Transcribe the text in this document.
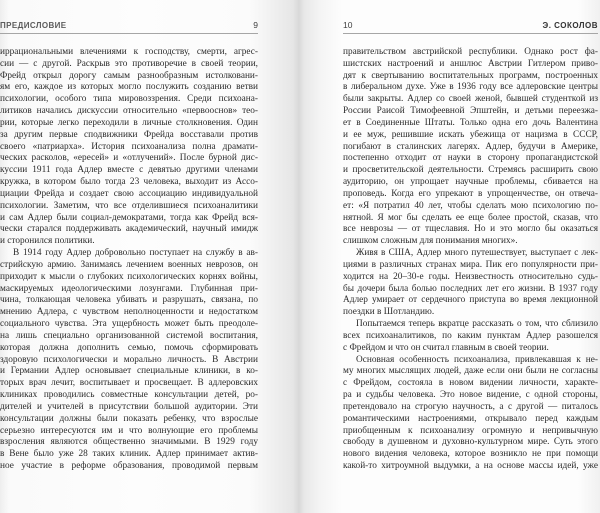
ПРЕДИСЛОВИЕ	9
иррациональными влечениями к господству, смерти, агрес-
сии — с другой. Раскрыв это противоречие в своей теории,
Фрейд открыл дорогу самым разнообразным истолковани-
ям его, каждое из которых могло послужить созданию ветви
психологии, особого типа мировоззрения. Среди психоана-
литиков начались дискуссии относительно «первооснов» тео-
рии, которые легко переходили в личные столкновения. Один
за другим первые сподвижники Фрейда восставали против
своего «патриарха». История психоанализа полна драмати-
ческих расколов, «ересей» и «отлучений». После бурной дис-
куссии 1911 года Адлер вместе с девятью другими членами
кружка, в котором было тогда 23 человека, выходит из Ассо-
циации Фрейда и создает свою ассоциацию индивидуальной
психологии. Заметим, что все отделившиеся психоаналитики
и сам Адлер были социал-демократами, тогда как Фрейд вся-
чески старался поддерживать академический, научный имидж
и сторонился политики.
В 1914 году Адлер добровольно поступает на службу в ав-
стрийскую армию. Занимаясь лечением военных неврозов, он
приходит к мысли о глубоких психологических корнях войны,
маскируемых идеологическими лозунгами. Глубинная при-
чина, толкающая человека убивать и разрушать, связана, по
мнению Адлера, с чувством неполноценности и недостатком
социального чувства. Эта ущербность может быть преодоле-
на лишь специально организованной системой воспитания,
которая должна дополнить семью, помочь сформировать
здоровую психологически и морально личность. В Австрии
и Германии Адлер основывает специальные клиники, в ко-
торых врач лечит, воспитывает и просвещает. В адлеровских
клиниках проводились совместные консультации детей, ро-
дителей и учителей в присутствии большой аудитории. Эти
консультации должны были показать ребенку, что взрослые
серьезно интересуются им и что волнующие его проблемы
взросления являются общественно значимыми. В 1929 году
в Вене было уже 28 таких клиник. Адлер принимает актив-
ное участие в реформе образования, проводимой первым
10	Э. СОКОЛОВ
правительством австрийской республики. Однако рост фа-
шистских настроений и аншлюс Австрии Гитлером приво-
дят к свертыванию воспитательных программ, построенных
в либеральном духе. Уже в 1936 году все адлеровские центры
были закрыты. Адлер со своей женой, бывшей студенткой из
России Раисой Тимофеевной Эпштейн, и детьми переезжа-
ет в Соединенные Штаты. Только одна его дочь Валентина
и ее муж, решившие искать убежища от нацизма в СССР,
погибают в сталинских лагерях. Адлер, будучи в Америке,
постепенно отходит от науки в сторону пропагандистской
и просветительской деятельности. Стремясь расширить свою
аудиторию, он упрощает научные проблемы, сбивается на
проповедь. Когда его упрекают в упрощенчестве, он отвеча-
ет: «Я потратил 40 лет, чтобы сделать мою психологию по-
нятной. Я мог бы сделать ее еще более простой, сказав, что
все неврозы — от тщеславия. Но и это могло бы оказаться
слишком сложным для понимания многих».
Живя в США, Адлер много путешествует, выступает с лек-
циями в различных странах мира. Пик его популярности при-
ходится на 20–30-е годы. Неизвестность относительно судь-
бы дочери была болью последних лет его жизни. В 1937 году
Адлер умирает от сердечного приступа во время лекционной
поездки в Шотландию.
Попытаемся теперь вкратце рассказать о том, что сблизило
всех психоаналитиков, по каким пунктам Адлер разошелся
с Фрейдом и что он считал главным в своей теории.
Основная особенность психоанализа, привлекавшая к не-
му многих мыслящих людей, даже если они были не согласны
с Фрейдом, состояла в новом видении личности, характе-
ра и судьбы человека. Это новое видение, с одной стороны,
претендовало на строгую научность, а с другой — питалось
романтическими настроениями, открывало перед каждым
приобщенным к психоанализу огромную и непривычную
свободу в душевном и духовно-культурном мире. Суть этого
нового видения человека, которое возникло не при помощи
какой-то хитроумной выдумки, а на основе массы идей, уже
